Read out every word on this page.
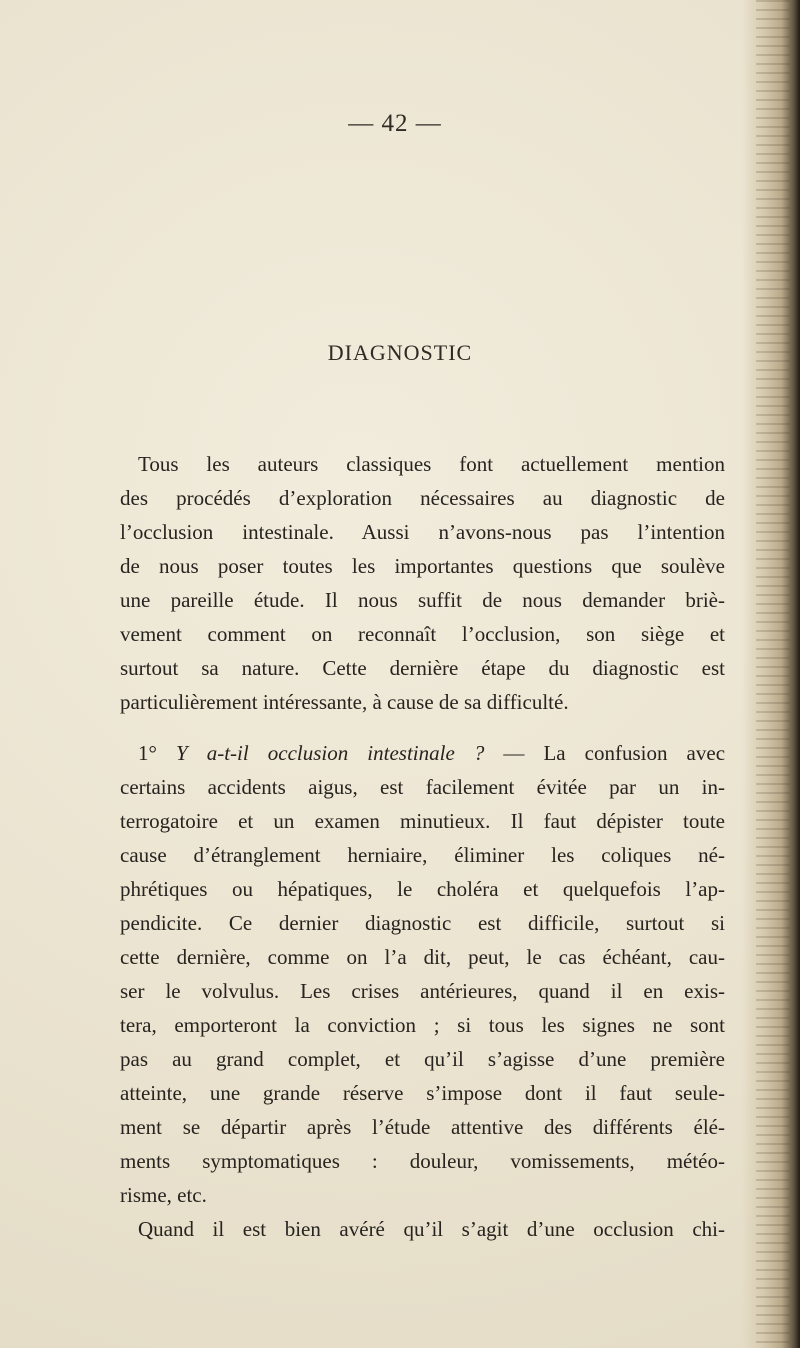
— 42 —
DIAGNOSTIC
Tous les auteurs classiques font actuellement mention
des procédés d’exploration nécessaires au diagnostic de
l’occlusion intestinale. Aussi n’avons-nous pas l’intention
de nous poser toutes les importantes questions que soulève
une pareille étude. Il nous suffit de nous demander briè-
vement comment on reconnaît l’occlusion, son siège et
surtout sa nature. Cette dernière étape du diagnostic est
particulièrement intéressante, à cause de sa difficulté.
1° Y a-t-il occlusion intestinale ? — La confusion avec
certains accidents aigus, est facilement évitée par un in-
terrogatoire et un examen minutieux. Il faut dépister toute
cause d’étranglement herniaire, éliminer les coliques né-
phrétiques ou hépatiques, le choléra et quelquefois l’ap-
pendicite. Ce dernier diagnostic est difficile, surtout si
cette dernière, comme on l’a dit, peut, le cas échéant, cau-
ser le volvulus. Les crises antérieures, quand il en exis-
tera, emporteront la conviction ; si tous les signes ne sont
pas au grand complet, et qu’il s’agisse d’une première
atteinte, une grande réserve s’impose dont il faut seule-
ment se départir après l’étude attentive des différents élé-
ments symptomatiques : douleur, vomissements, météo-
risme, etc.
Quand il est bien avéré qu’il s’agit d’une occlusion chi-
